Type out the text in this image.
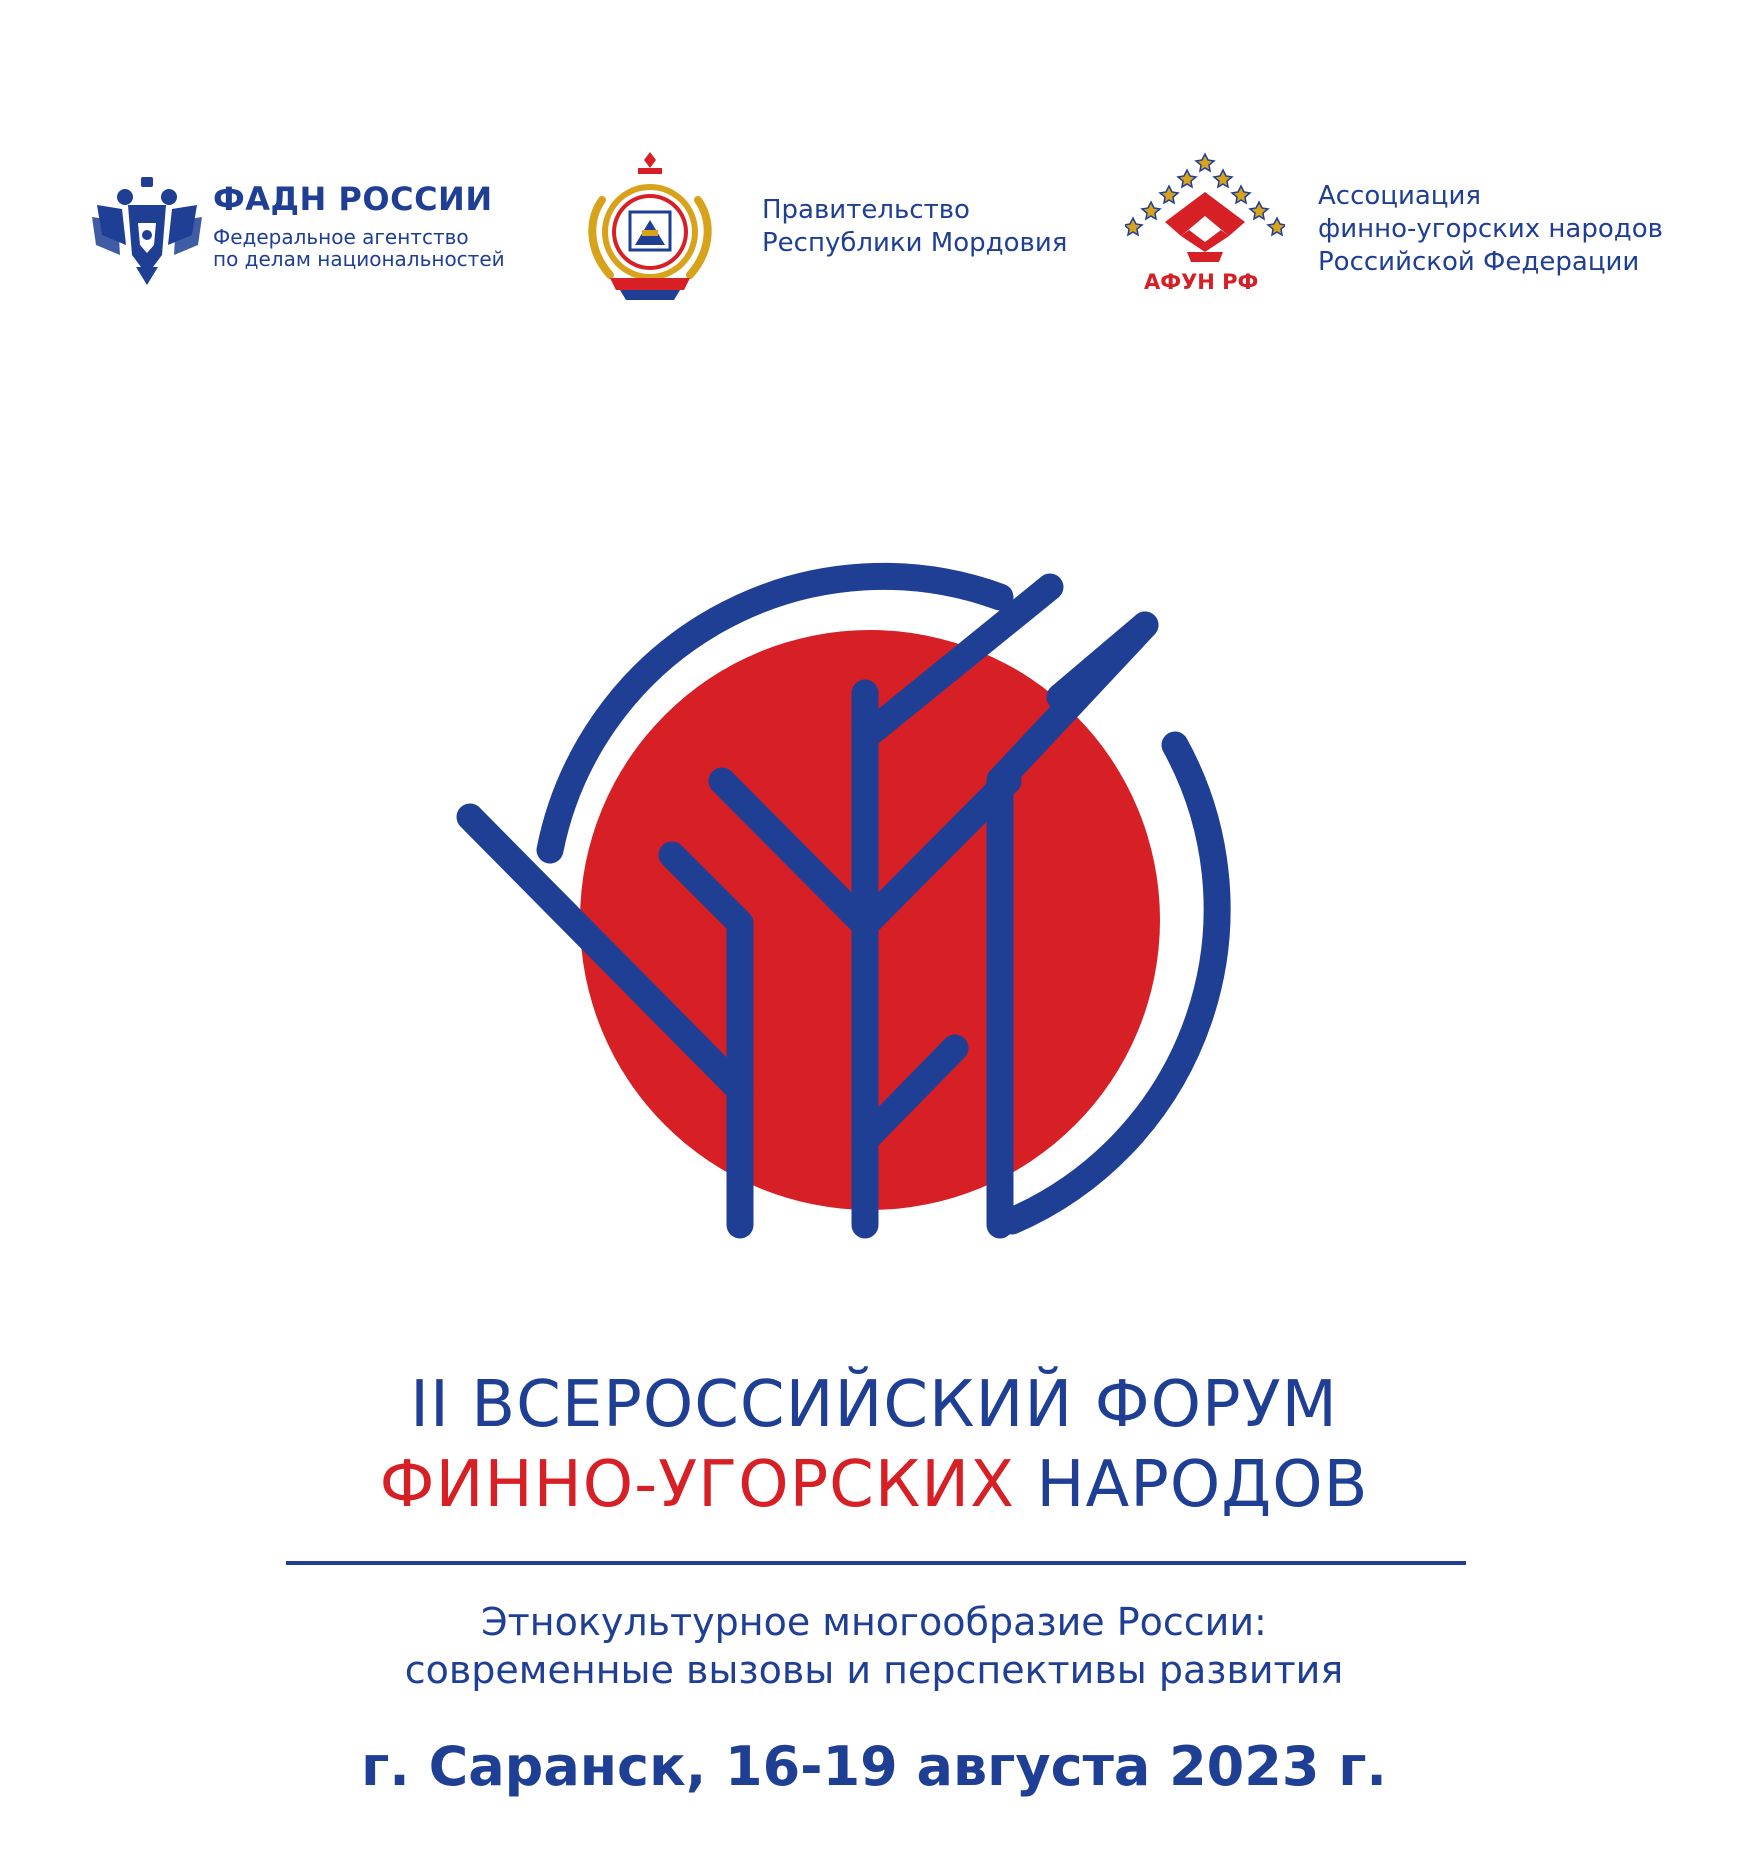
ФАДН РОССИИ
Федеральное агентство
по делам национальностей
Правительство
Республики Мордовия
АФУН РФ
Ассоциация
финно-угорских народов
Российской Федерации
II ВСЕРОССИЙСКИЙ ФОРУМ
ФИННО-УГОРСКИХ НАРОДОВ
Этнокультурное многообразие России:
современные вызовы и перспективы развития
г. Саранск, 16-19 августа 2023 г.
